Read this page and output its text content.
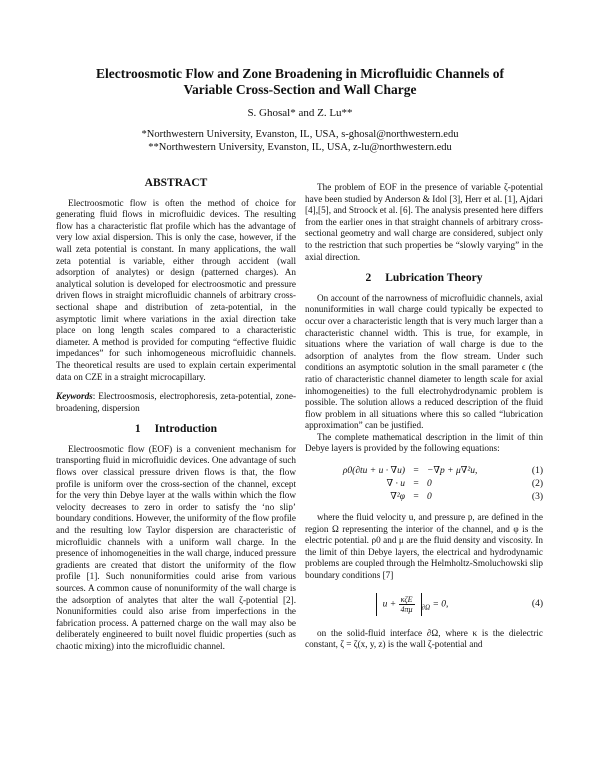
Electroosmotic Flow and Zone Broadening in Microfluidic Channels of
Variable Cross-Section and Wall Charge
S. Ghosal* and Z. Lu**
*Northwestern University, Evanston, IL, USA, s-ghosal@northwestern.edu
**Northwestern University, Evanston, IL, USA, z-lu@northwestern.edu
ABSTRACT

Electroosmotic flow is often the method of choice for generating fluid flows in microfluidic devices. The resulting flow has a characteristic flat profile which has the advantage of very low axial dispersion. This is only the case, however, if the wall zeta potential is constant. In many applications, the wall zeta potential is variable, either through accident (wall adsorption of analytes) or design (patterned charges). An analytical solution is developed for electroosmotic and pressure driven flows in straight microfluidic channels of arbitrary cross-sectional shape and distribution of zeta-potential, in the asymptotic limit where variations in the axial direction take place on long length scales compared to a characteristic diameter. A method is provided for computing “effective fluidic impedances” for such inhomogeneous microfluidic channels. The theoretical results are used to explain certain experimental data on CZE in a straight microcapillary.

Keywords: Electroosmosis, electrophoresis, zeta-potential, zone-broadening, dispersion

1 Introduction

Electroosmotic flow (EOF) is a convenient mechanism for transporting fluid in microfluidic devices. One advantage of such flows over classical pressure driven flows is that, the flow profile is uniform over the cross-section of the channel, except for the very thin Debye layer at the walls within which the flow velocity decreases to zero in order to satisfy the ‘no slip’ boundary conditions. However, the uniformity of the flow profile and the resulting low Taylor dispersion are characteristic of microfluidic channels with a uniform wall charge. In the presence of inhomogeneities in the wall charge, induced pressure gradients are created that distort the uniformity of the flow profile [1]. Such nonuniformities could arise from various sources. A common cause of nonuniformity of the wall charge is the adsorption of analytes that alter the wall ζ-potential [2]. Nonuniformities could also arise from imperfections in the fabrication process. A patterned charge on the wall may also be deliberately engineered to built novel fluidic properties (such as chaotic mixing) into the microfluidic channel.

The problem of EOF in the presence of variable ζ-potential have been studied by Anderson & Idol [3], Herr et al. [1], Ajdari [4],[5], and Stroock et al. [6]. The analysis presented here differs from the earlier ones in that straight channels of arbitrary cross-sectional geometry and wall charge are considered, subject only to the restriction that such properties be “slowly varying” in the axial direction.

2 Lubrication Theory

On account of the narrowness of microfluidic channels, axial nonuniformities in wall charge could typically be expected to occur over a characteristic length that is very much larger than a characteristic channel width. This is true, for example, in situations where the variation of wall charge is due to the adsorption of analytes from the flow stream. Under such conditions an asymptotic solution in the small parameter ϵ (the ratio of characteristic channel diameter to length scale for axial inhomogeneities) to the full electrohydrodynamic problem is possible. The solution allows a reduced description of the fluid flow problem in all situations where this so called “lubrication approximation” can be justified.

The complete mathematical description in the limit of thin Debye layers is provided by the following equations:

ρ0(∂tu + u · ∇u) = −∇p + μ∇²u,	(1)
∇ · u = 0	(2)
∇²φ = 0	(3)

where the fluid velocity u, and pressure p, are defined in the region Ω representing the interior of the channel, and φ is the electric potential. ρ0 and μ are the fluid density and viscosity. In the limit of thin Debye layers, the electrical and hydrodynamic problems are coupled through the Helmholtz-Smoluchowski slip boundary conditions [7]

$u + \frac{\text{κζE}}{4\pi\mu} _{\partial\Omega} = 0$,	(4)

on the solid-fluid interface ∂Ω, where κ is the dielectric constant, ζ = ζ(x, y, z) is the wall ζ-potential and
